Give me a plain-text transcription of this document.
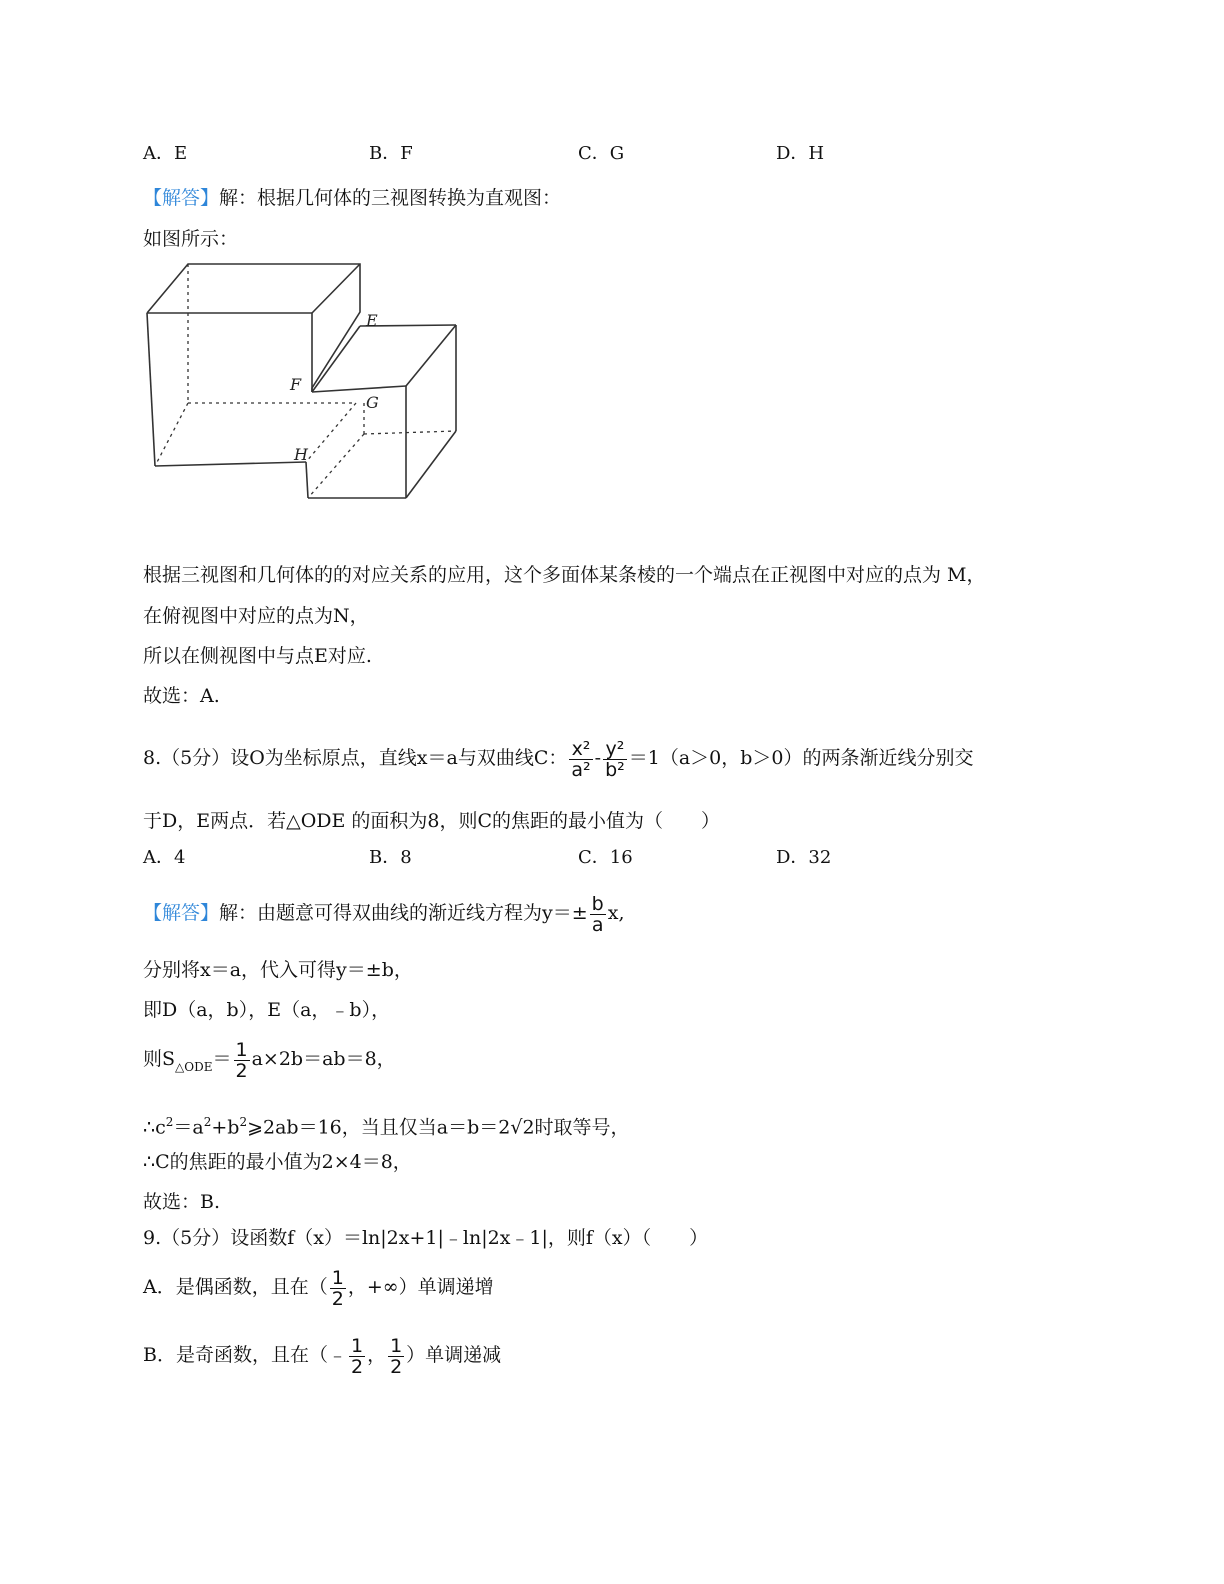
A．E	B．F	C．G	D．H
【解答】解：根据几何体的三视图转换为直观图：
如图所示：
E
F
G
H
根据三视图和几何体的的对应关系的应用，这个多面体某条棱的一个端点在正视图中对应的点为 M，
在俯视图中对应的点为N，
所以在侧视图中与点E对应.
故选：A.
8.（5分）设O为坐标原点，直线x＝a与双曲线C： $\frac{\text{x²}}{\text{a²}} - \frac{\text{y²}}{\text{b²}} =1(a>0$，b＞0）的两条渐近线分别交
于D，E两点．若△ODE 的面积为8，则C的焦距的最小值为（　　）
A．4	B．8	C．16	D．32
【解答】解：由题意可得双曲线的渐近线方程为$y=\pm \frac{b}{a} x$,
分别将x＝a，代入可得y＝±b，
即D（a，b），E（a，﹣b），
则$S_{\triangle ODE}= \frac{1}{2} a\times 2b=ab=8$，
$\therefore c^2=a^2+b^2⩾2ab=16$，当且仅当a＝b＝2√2时取等号，
∴C的焦距的最小值为2×4＝8，
故选：B.
9.（5分）设函数f（x）＝ln|2x+1|﹣ln|2x﹣1|，则f（x）（　　）
A．是偶函数，且在（ $\frac{1}{2}$ ，+∞）单调递增
B．是奇函数，且在（﹣ $\frac{1}{2}$ ， $\frac{1}{2}$ ）单调递减
